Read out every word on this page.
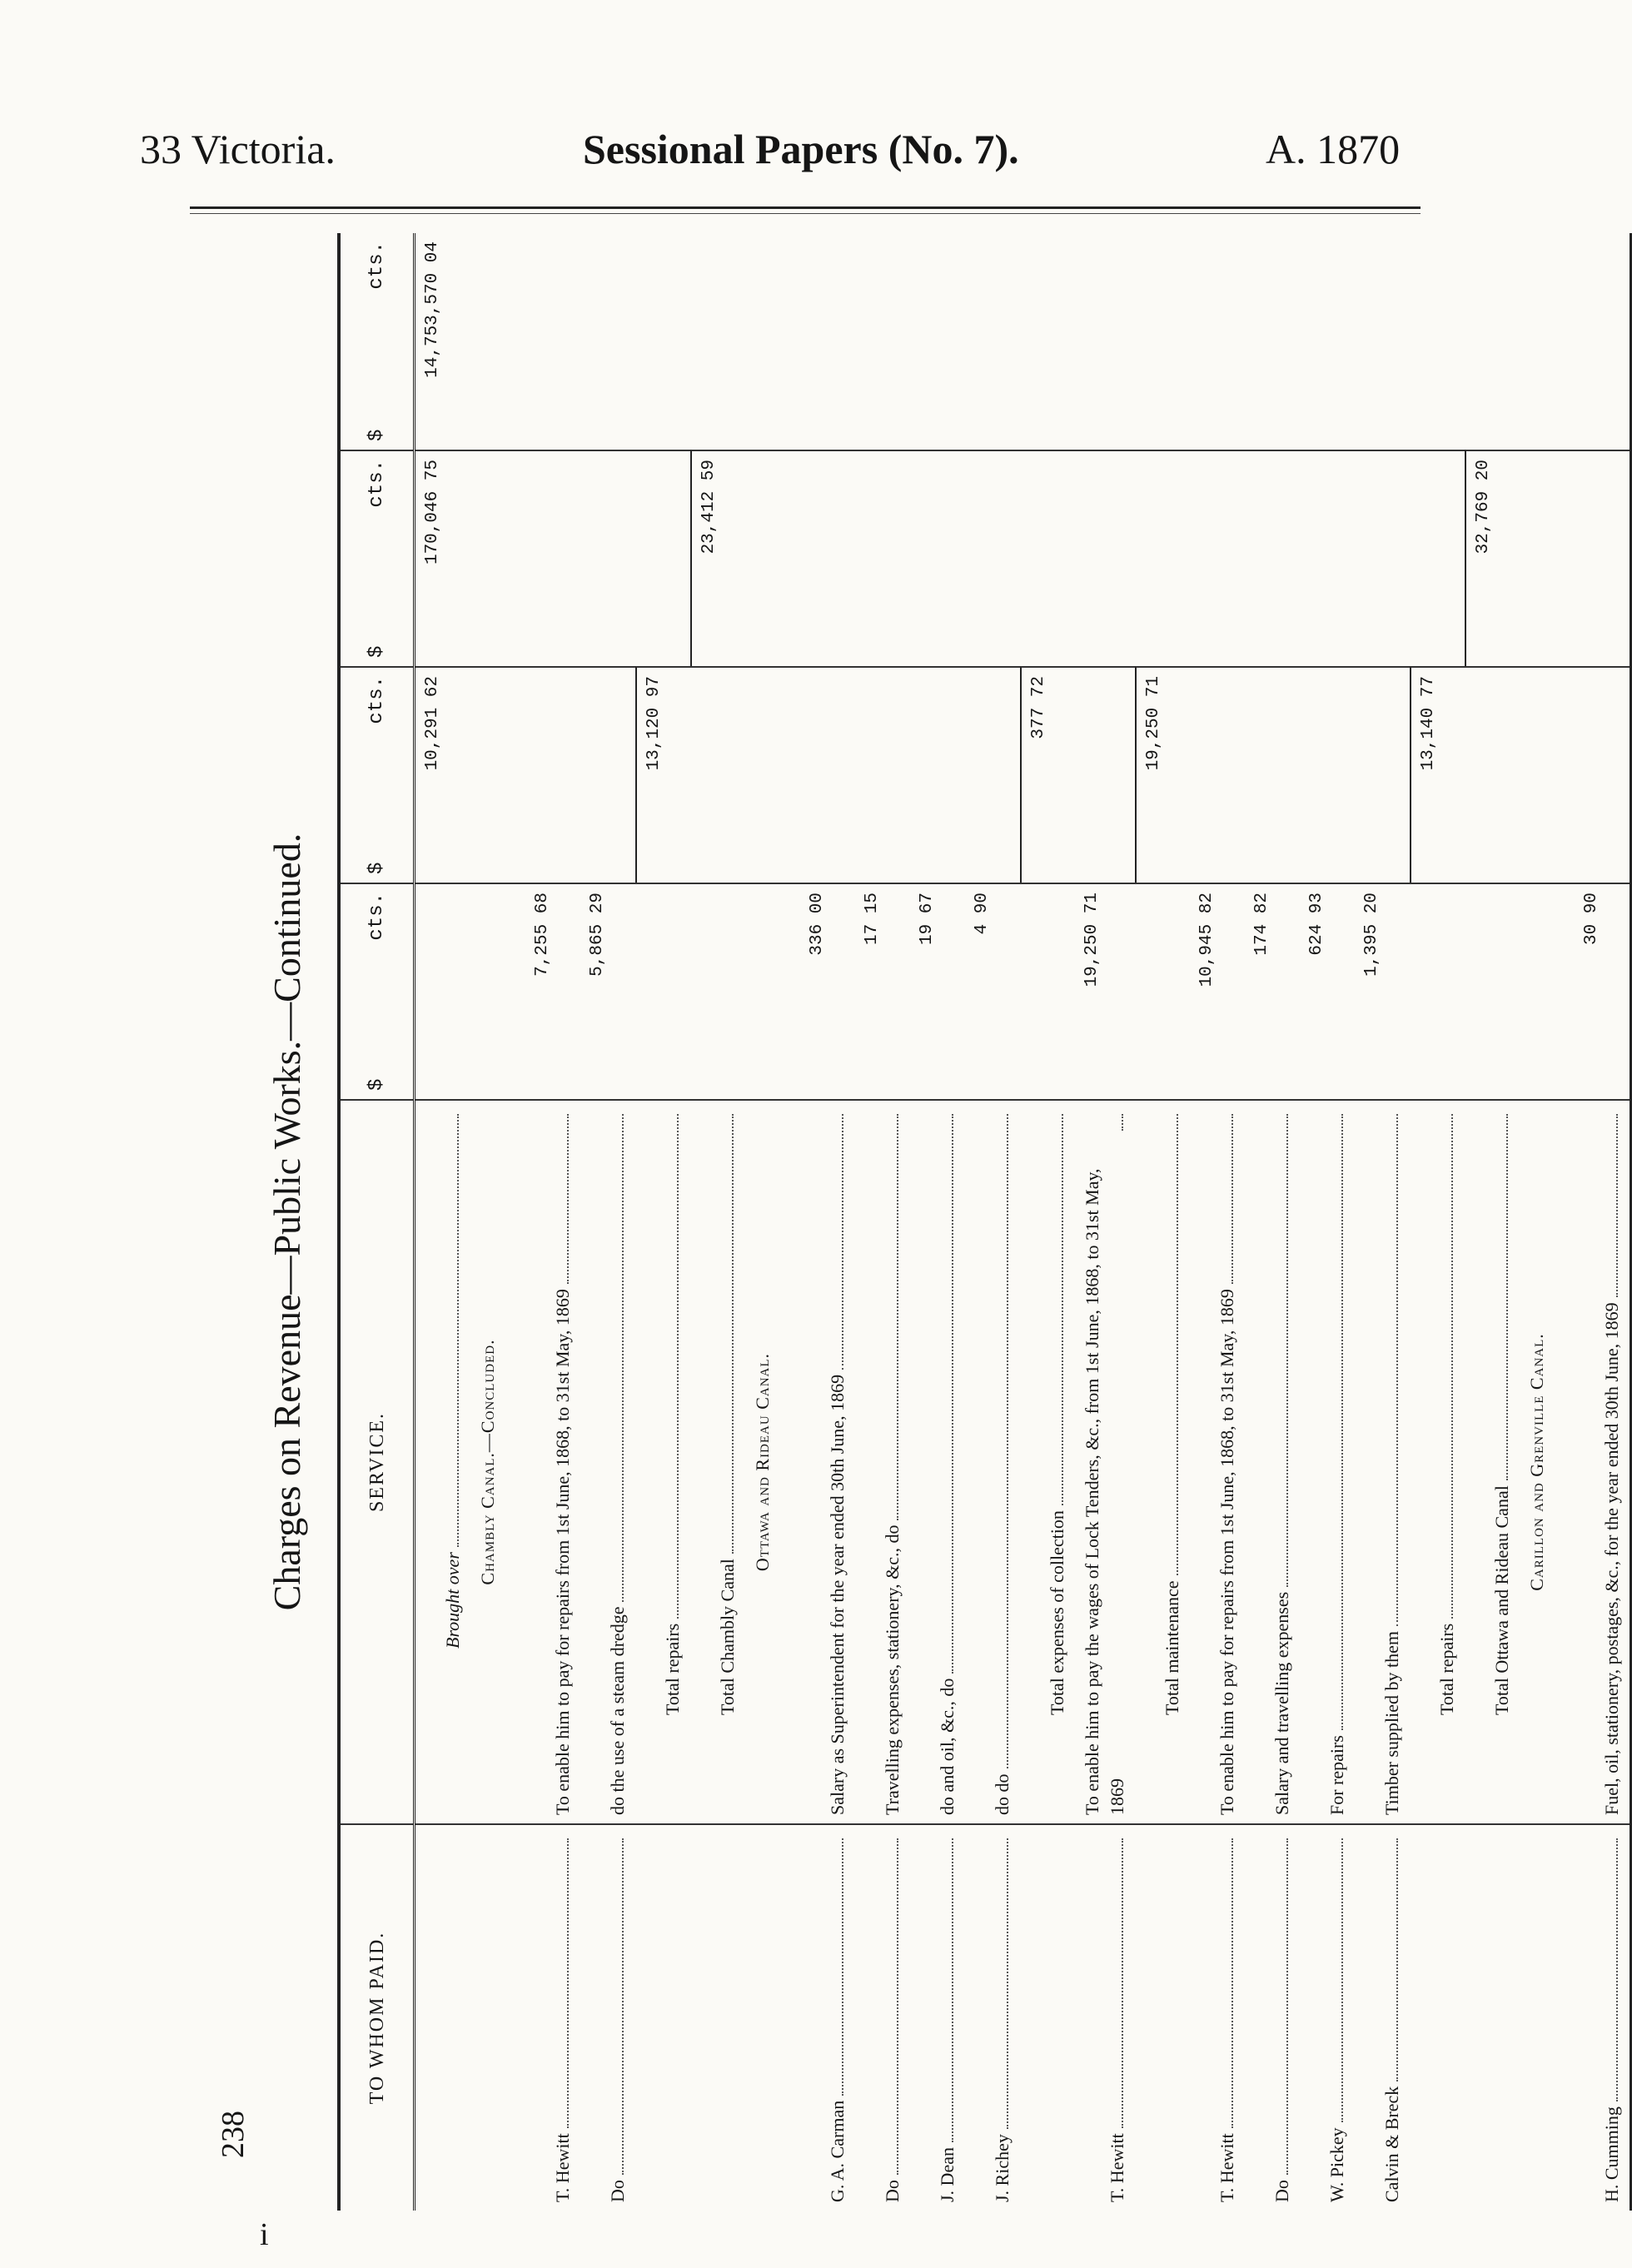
33 Victoria.	Sessional Papers (No. 7).	A. 1870
i
238
Charges on Revenue—Public Works.—Continued.
TO WHOM PAID.
SERVICE.
$
cts.
$
cts.
$
cts.
$
cts.
Brought over
10,291 62
170,046 75
14,753,570 04
Chambly Canal.—Concluded.
T. Hewitt
To enable him to pay for repairs from 1st June, 1868, to 31st May, 1869
7,255 68
Do
do the use of a steam dredge
5,865 29
Total repairs
13,120 97
Total Chambly Canal
23,412 59
Ottawa and Rideau Canal.
G. A. Carman
Salary as Superintendent for the year ended 30th June, 1869
336 00
Do
Travelling expenses, stationery, &c., do
17 15
J. Dean
do and oil, &c., do
19 67
J. Richey
do do
4 90
Total expenses of collection
377 72
T. Hewitt
To enable him to pay the wages of Lock Tenders, &c., from 1st June, 1868, to 31st May, 1869
19,250 71
Total maintenance
19,250 71
T. Hewitt
To enable him to pay for repairs from 1st June, 1868, to 31st May, 1869
10,945 82
Do
Salary and travelling expenses
174 82
W. Pickey
For repairs
624 93
Calvin & Breck
Timber supplied by them
1,395 20
Total repairs
13,140 77
Total Ottawa and Rideau Canal
32,769 20
Carillon and Grenville Canal.
H. Cumming
Fuel, oil, stationery, postages, &c., for the year ended 30th June, 1869
30 90
